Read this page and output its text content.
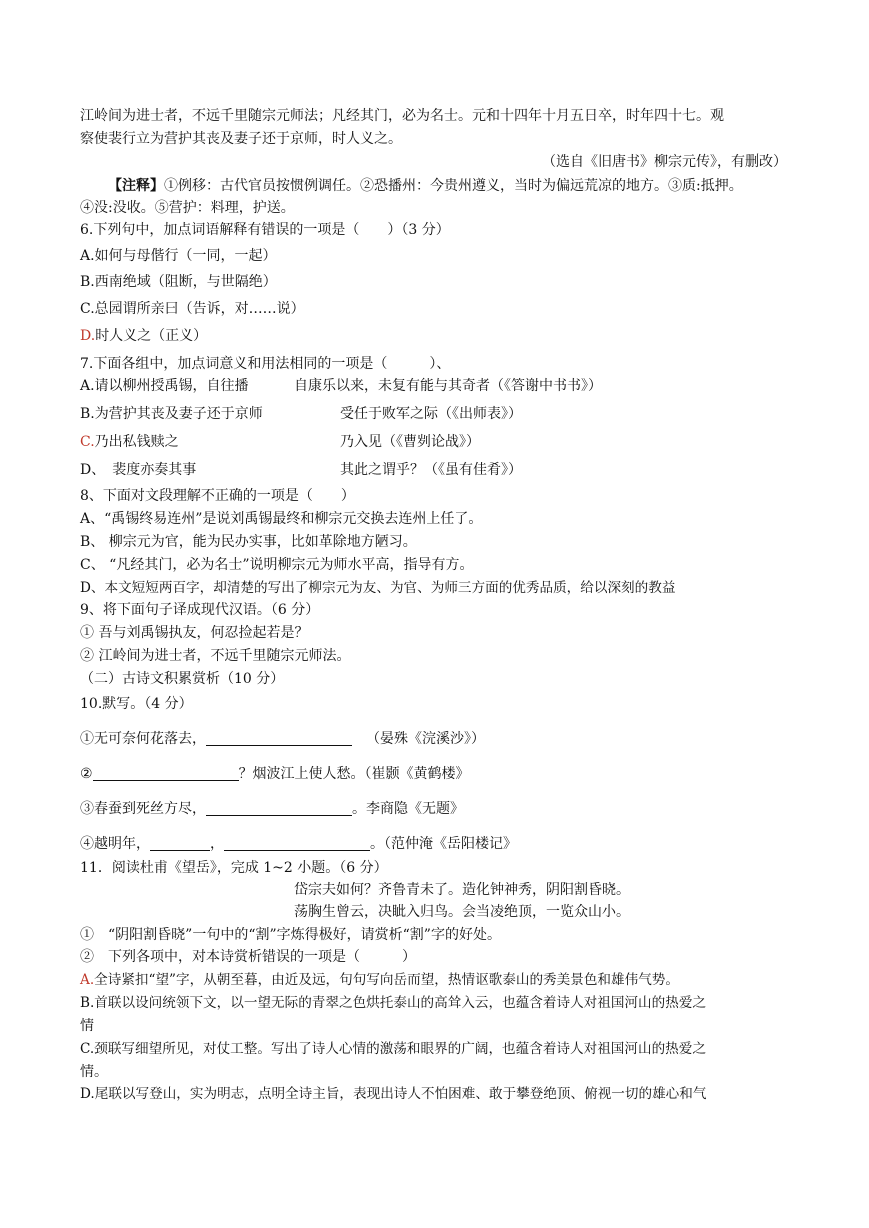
江岭间为进士者，不远千里随宗元师法；凡经其门，必为名士。元和十四年十月五日卒，时年四十七。观
察使裴行立为营护其丧及妻子还于京师，时人义之。
（选自《旧唐书》柳宗元传》，有删改）
【注释】①例移：古代官员按惯例调任。②恐播州：今贵州遵义，当时为偏远荒凉的地方。③质:抵押。
④没:没收。⑤营护：料理，护送。
6.下列句中，加点词语解释有错误的一项是（　　）（3 分）
A.如何与母偕行（一同，一起）
B.西南绝域（阻断，与世隔绝）
C.总园谓所亲曰（告诉，对……说）
D.时人义之（正义）
7.下面各组中，加点词意义和用法相同的一项是（　　　）、
A.请以柳州授禹锡，自往播	自康乐以来，未复有能与其奇者（《答谢中书书》）
B.为营护其丧及妻子还于京师	受任于败军之际（《出师表》）
C.乃出私钱赎之	乃入见（《曹刿论战》）
D、　裴度亦奏其事	其此之谓乎？（《虽有佳肴》）
8、下面对文段理解不正确的一项是（　　）
A、“禹锡终易连州”是说刘禹锡最终和柳宗元交换去连州上任了。
B、 柳宗元为官，能为民办实事，比如革除地方陋习。
C、 “凡经其门，必为名士”说明柳宗元为师水平高，指导有方。
D、本文短短两百字，却清楚的写出了柳宗元为友、为官、为师三方面的优秀品质，给以深刻的教益
9、将下面句子译成现代汉语。（6 分）
① 吾与刘禹锡执友，何忍捡起若是？
② 江岭间为进士者，不远千里随宗元师法。
（二）古诗文积累赏析（10 分）
10.默写。（4 分）
①无可奈何花落去，	（晏殊《浣溪沙》）
②	？烟波江上使人愁。（崔颢《黄鹤楼》
③春蚕到死丝方尽，	。李商隐《无题》
④越明年，	，	。（范仲淹《岳阳楼记》
11．阅读杜甫《望岳》，完成 1~2 小题。（6 分）
岱宗夫如何？齐鲁青未了。造化钟神秀，阴阳割昏晓。
荡胸生曾云，决眦入归鸟。会当凌绝顶，一览众山小。
①　“阴阳割昏晓”一句中的“割”字炼得极好，请赏析“割”字的好处。
②　下列各项中，对本诗赏析错误的一项是（　　　）
A.全诗紧扣“望”字，从朝至暮，由近及远，句句写向岳而望，热情讴歌泰山的秀美景色和雄伟气势。
B.首联以设问统领下文，以一望无际的青翠之色烘托泰山的高耸入云，也蕴含着诗人对祖国河山的热爱之
情
C.颈联写细望所见，对仗工整。写出了诗人心情的激荡和眼界的广阔，也蕴含着诗人对祖国河山的热爱之
情。
D.尾联以写登山，实为明志，点明全诗主旨，表现出诗人不怕困难、敢于攀登绝顶、俯视一切的雄心和气
